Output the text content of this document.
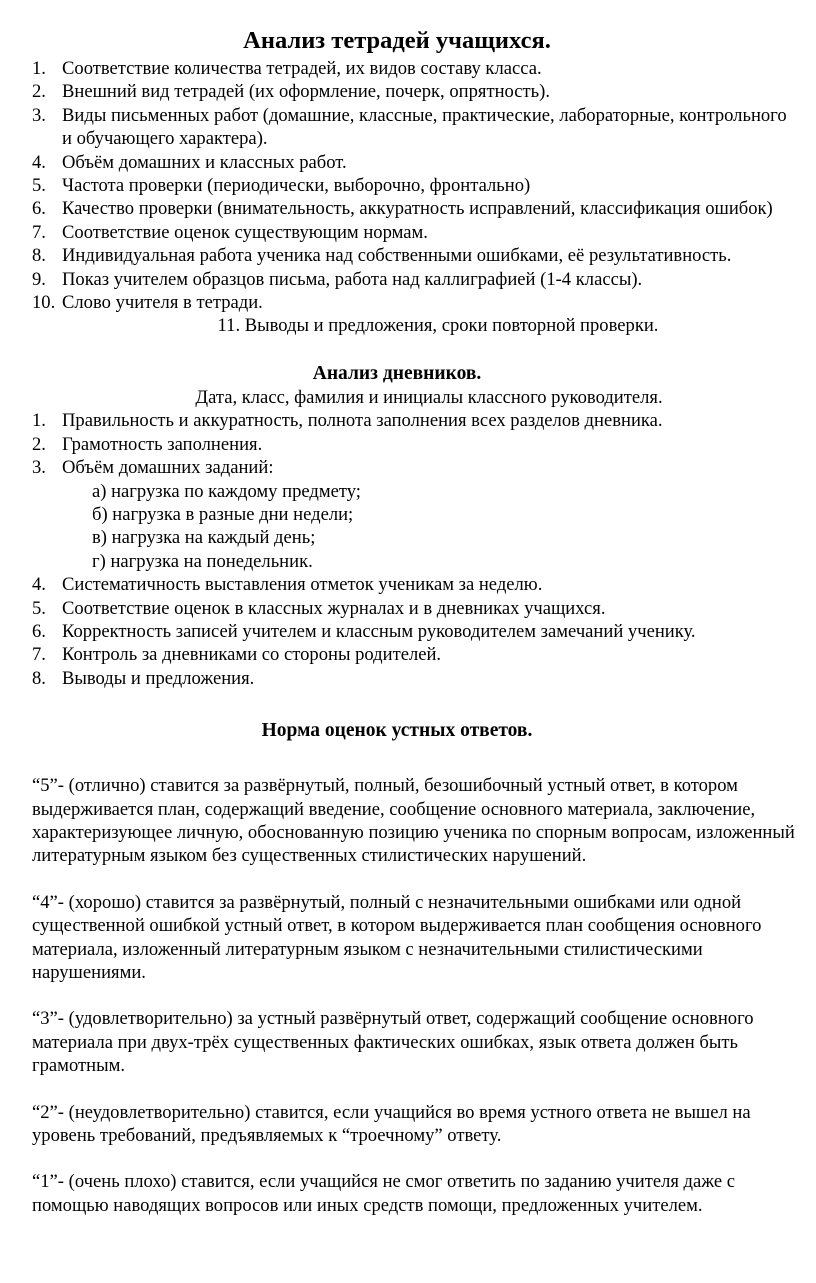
Анализ тетрадей учащихся.
1. Соответствие количества тетрадей, их видов составу класса.
2. Внешний вид тетрадей (их оформление, почерк, опрятность).
3. Виды письменных работ (домашние, классные, практические, лабораторные, контрольного и обучающего характера).
4. Объём домашних и классных работ.
5. Частота проверки (периодически, выборочно, фронтально)
6. Качество проверки (внимательность, аккуратность исправлений, классификация ошибок)
7. Соответствие оценок существующим нормам.
8. Индивидуальная работа ученика над собственными ошибками, её результативность.
9. Показ учителем образцов письма, работа над каллиграфией (1-4 классы).
10. Слово учителя в тетради.
11. Выводы и предложения, сроки повторной проверки.
Анализ дневников.
Дата, класс, фамилия и инициалы классного руководителя.
1. Правильность и аккуратность, полнота заполнения всех разделов дневника.
2. Грамотность заполнения.
3. Объём домашних заданий:
а) нагрузка по каждому предмету;
б) нагрузка в разные дни недели;
в) нагрузка на каждый день;
г) нагрузка на понедельник.
4. Систематичность выставления отметок ученикам за неделю.
5. Соответствие оценок в классных журналах и в дневниках учащихся.
6. Корректность записей учителем и классным руководителем замечаний ученику.
7. Контроль за дневниками со стороны родителей.
8. Выводы и предложения.
Норма оценок устных ответов.

“5”- (отлично) ставится за развёрнутый, полный, безошибочный устный ответ, в котором выдерживается план, содержащий введение, сообщение основного материала, заключение, характеризующее личную, обоснованную позицию ученика по спорным вопросам, изложенный литературным языком без существенных стилистических нарушений.

“4”- (хорошо) ставится за развёрнутый, полный с незначительными ошибками или одной существенной ошибкой устный ответ, в котором выдерживается план сообщения основного материала, изложенный литературным языком с незначительными стилистическими нарушениями.

“3”- (удовлетворительно) за устный развёрнутый ответ, содержащий сообщение основного материала при двух-трёх существенных фактических ошибках, язык ответа должен быть грамотным.

“2”- (неудовлетворительно) ставится, если учащийся во время устного ответа не вышел на уровень требований, предъявляемых к “троечному” ответу.

“1”- (очень плохо) ставится, если учащийся не смог ответить по заданию учителя даже с помощью наводящих вопросов или иных средств помощи, предложенных учителем.
